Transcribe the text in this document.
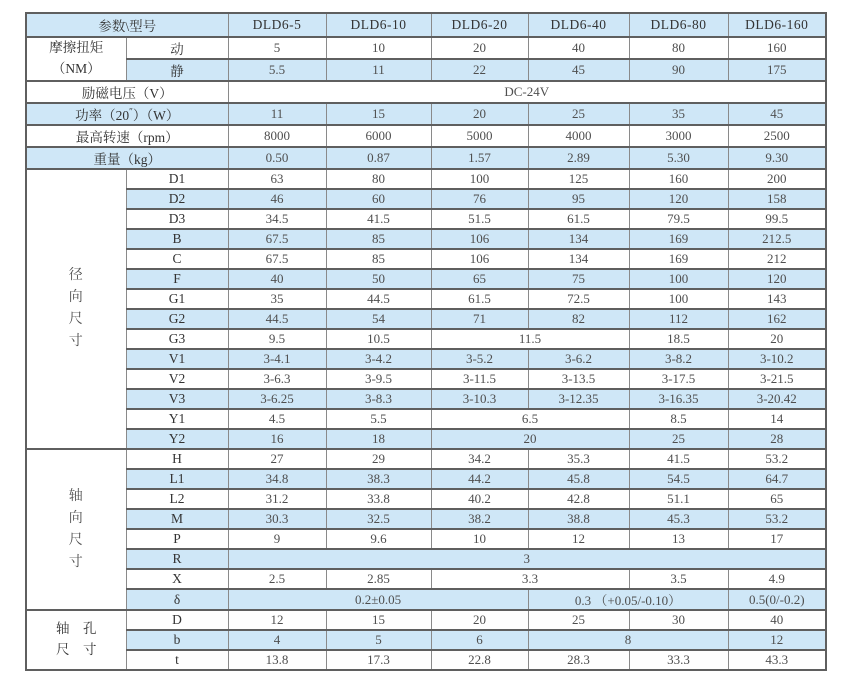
参数\型号		DLD6-5	DLD6-10	DLD6-20	DLD6-40	DLD6-80	DLD6-160

摩擦扭矩
（NM）	动	5	10	20	40	80	160
	静	5.5	11	22	45	90	175
励磁电压（V）		DC-24V					
功率（20″）（W）		11	15	20	25	35	45
最高转速（rpm）		8000	6000	5000	4000	3000	2500
重量（kg）		0.50	0.87	1.57	2.89	5.30	9.30

径
向
尺
寸	D1	63	80	100	125	160	200
	D2	46	60	76	95	120	158
	D3	34.5	41.5	51.5	61.5	79.5	99.5
	B	67.5	85	106	134	169	212.5
	C	67.5	85	106	134	169	212
	F	40	50	65	75	100	120
	G1	35	44.5	61.5	72.5	100	143
	G2	44.5	54	71	82	112	162
	G3	9.5	10.5	11.5		18.5	20
	V1	3-4.1	3-4.2	3-5.2	3-6.2	3-8.2	3-10.2
	V2	3-6.3	3-9.5	3-11.5	3-13.5	3-17.5	3-21.5
	V3	3-6.25	3-8.3	3-10.3	3-12.35	3-16.35	3-20.42
	Y1	4.5	5.5	6.5		8.5	14
	Y2	16	18	20		25	28

轴
向
尺
寸	H	27	29	34.2	35.3	41.5	53.2
	L1	34.8	38.3	44.2	45.8	54.5	64.7
	L2	31.2	33.8	40.2	42.8	51.1	65
	M	30.3	32.5	38.2	38.8	45.3	53.2
	P	9	9.6	10	12	13	17
	R	3					
	X	2.5	2.85	3.3		3.5	4.9
	δ	0.2±0.05			0.3 （+0.05/-0.10）		0.5(0/-0.2)

轴　孔
尺　寸	D	12	15	20	25	30	40
	b	4	5	6	8		12
	t	13.8	17.3	22.8	28.3	33.3	43.3
